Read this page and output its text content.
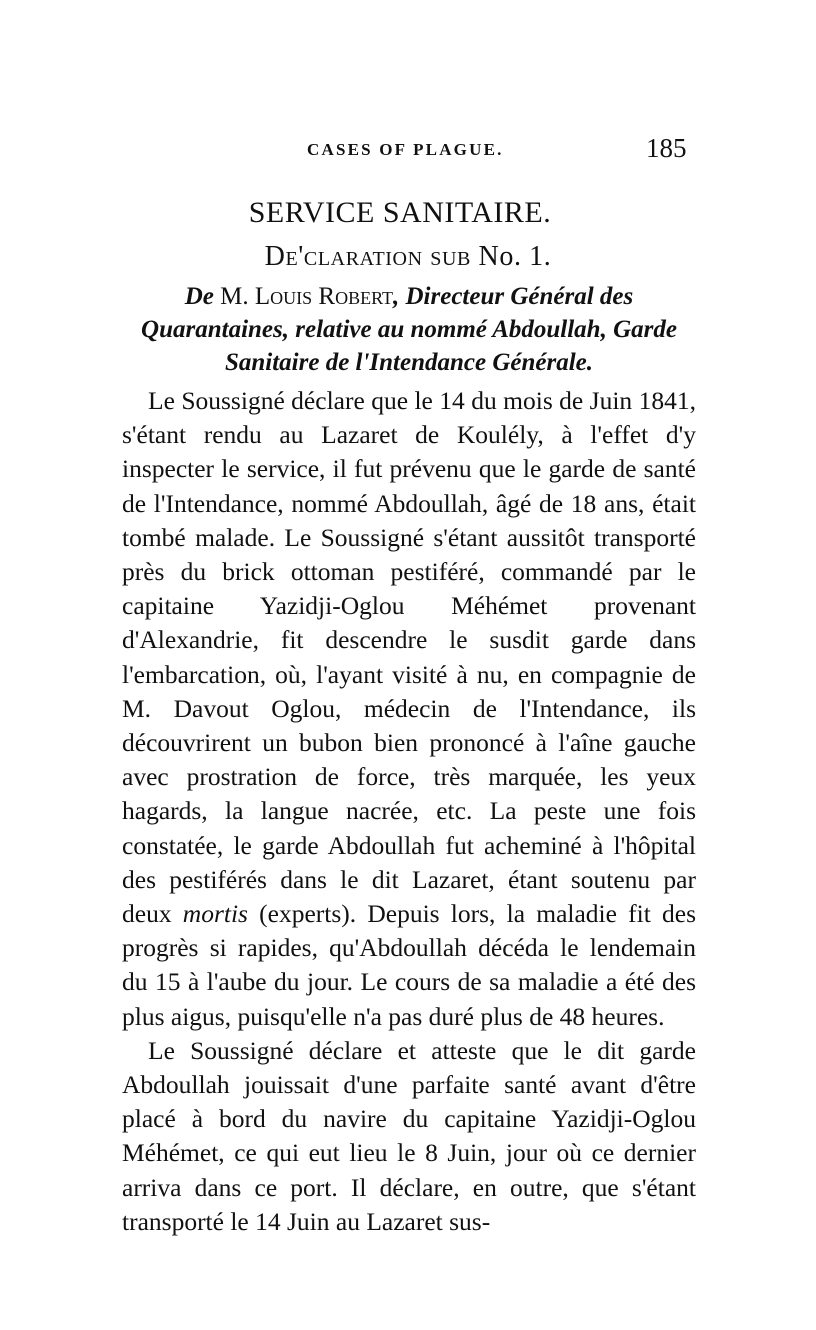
CASES OF PLAGUE.	185
SERVICE SANITAIRE.
De'claration sub No. 1.
De M. Louis Robert, Directeur Général des Quarantaines, relative au nommé Abdoullah, Garde Sanitaire de l'Intendance Générale.

Le Soussigné déclare que le 14 du mois de Juin 1841, s'étant rendu au Lazaret de Koulély, à l'effet d'y inspecter le service, il fut prévenu que le garde de santé de l'Intendance, nommé Abdoullah, âgé de 18 ans, était tombé malade. Le Soussigné s'étant aussitôt transporté près du brick ottoman pestiféré, commandé par le capitaine Yazidji-Oglou Méhémet provenant d'Alexandrie, fit descendre le susdit garde dans l'embarcation, où, l'ayant visité à nu, en compagnie de M. Davout Oglou, médecin de l'Intendance, ils découvrirent un bubon bien prononcé à l'aîne gauche avec prostration de force, très marquée, les yeux hagards, la langue nacrée, etc. La peste une fois constatée, le garde Abdoullah fut acheminé à l'hôpital des pestiférés dans le dit Lazaret, étant soutenu par deux mortis (experts). Depuis lors, la maladie fit des progrès si rapides, qu'Abdoullah décéda le lendemain du 15 à l'aube du jour. Le cours de sa maladie a été des plus aigus, puisqu'elle n'a pas duré plus de 48 heures.

Le Soussigné déclare et atteste que le dit garde Abdoullah jouissait d'une parfaite santé avant d'être placé à bord du navire du capitaine Yazidji-Oglou Méhémet, ce qui eut lieu le 8 Juin, jour où ce dernier arriva dans ce port. Il déclare, en outre, que s'étant transporté le 14 Juin au Lazaret sus-
